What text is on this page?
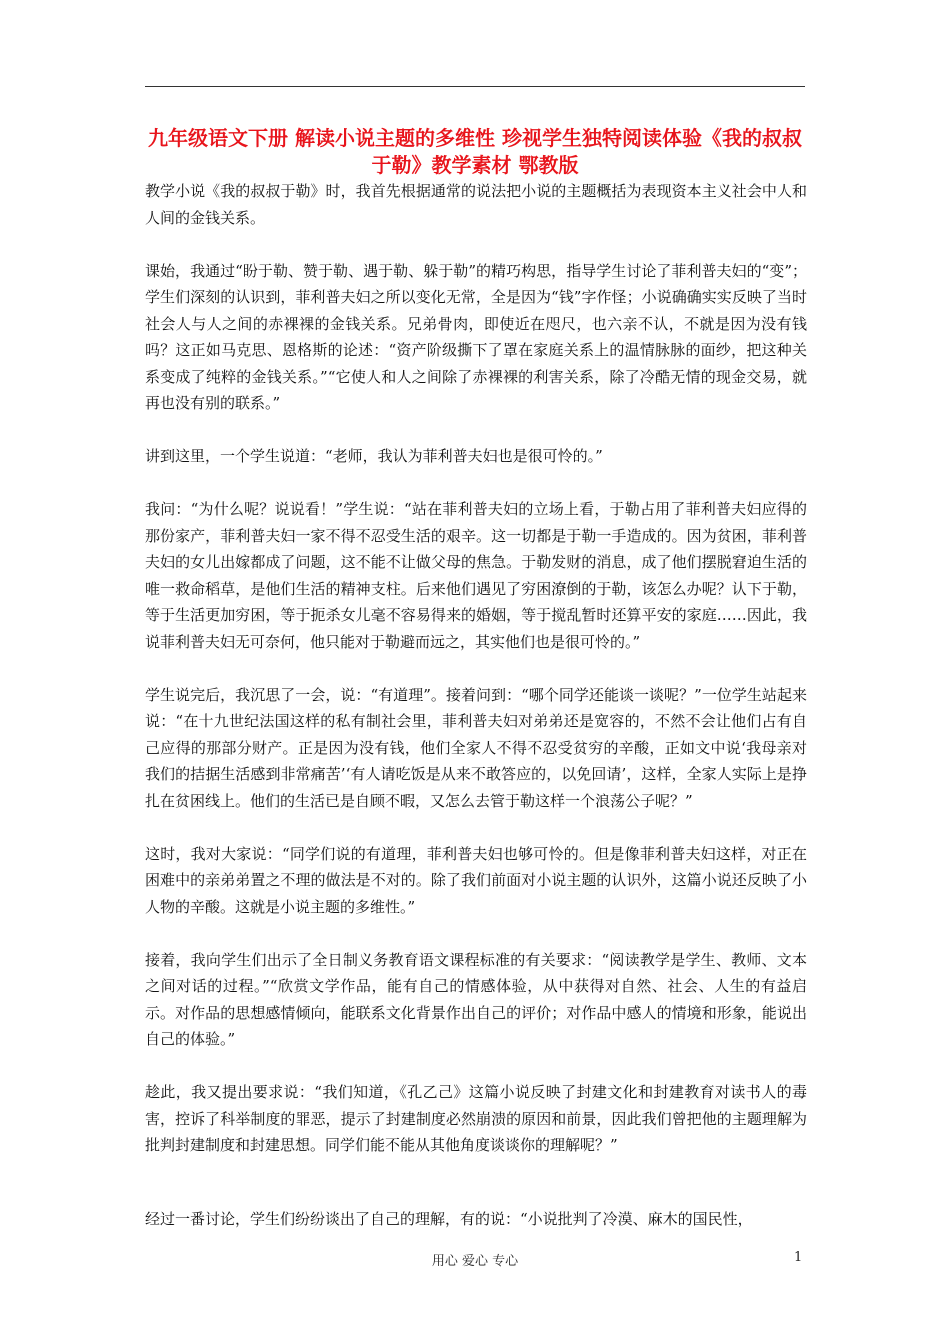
九年级语文下册 解读小说主题的多维性 珍视学生独特阅读体验《我的叔叔于勒》教学素材 鄂教版

教学小说《我的叔叔于勒》时，我首先根据通常的说法把小说的主题概括为表现资本主义社会中人和人间的金钱关系。

课始，我通过“盼于勒、赞于勒、遇于勒、躲于勒”的精巧构思，指导学生讨论了菲利普夫妇的“变”；学生们深刻的认识到，菲利普夫妇之所以变化无常，全是因为“钱”字作怪；小说确确实实反映了当时社会人与人之间的赤裸裸的金钱关系。兄弟骨肉，即使近在咫尺，也六亲不认，不就是因为没有钱吗？这正如马克思、恩格斯的论述：“资产阶级撕下了罩在家庭关系上的温情脉脉的面纱，把这种关系变成了纯粹的金钱关系。”“它使人和人之间除了赤裸裸的利害关系，除了冷酷无情的现金交易，就再也没有别的联系。”

讲到这里，一个学生说道：“老师，我认为菲利普夫妇也是很可怜的。”

我问：“为什么呢？说说看！”学生说：“站在菲利普夫妇的立场上看，于勒占用了菲利普夫妇应得的那份家产，菲利普夫妇一家不得不忍受生活的艰辛。这一切都是于勒一手造成的。因为贫困，菲利普夫妇的女儿出嫁都成了问题，这不能不让做父母的焦急。于勒发财的消息，成了他们摆脱窘迫生活的唯一救命稻草，是他们生活的精神支柱。后来他们遇见了穷困潦倒的于勒，该怎么办呢？认下于勒，等于生活更加穷困，等于扼杀女儿毫不容易得来的婚姻，等于搅乱暂时还算平安的家庭……因此，我说菲利普夫妇无可奈何，他只能对于勒避而远之，其实他们也是很可怜的。”

学生说完后，我沉思了一会，说：“有道理”。接着问到：“哪个同学还能谈一谈呢？”一位学生站起来说：“在十九世纪法国这样的私有制社会里，菲利普夫妇对弟弟还是宽容的，不然不会让他们占有自己应得的那部分财产。正是因为没有钱，他们全家人不得不忍受贫穷的辛酸，正如文中说‘我母亲对我们的拮据生活感到非常痛苦’‘有人请吃饭是从来不敢答应的，以免回请’，这样，全家人实际上是挣扎在贫困线上。他们的生活已是自顾不暇，又怎么去管于勒这样一个浪荡公子呢？”

这时，我对大家说：“同学们说的有道理，菲利普夫妇也够可怜的。但是像菲利普夫妇这样，对正在困难中的亲弟弟置之不理的做法是不对的。除了我们前面对小说主题的认识外，这篇小说还反映了小人物的辛酸。这就是小说主题的多维性。”

接着，我向学生们出示了全日制义务教育语文课程标准的有关要求：“阅读教学是学生、教师、文本之间对话的过程。”“欣赏文学作品，能有自己的情感体验，从中获得对自然、社会、人生的有益启示。对作品的思想感情倾向，能联系文化背景作出自己的评价；对作品中感人的情境和形象，能说出自己的体验。”

趁此，我又提出要求说：“我们知道，《孔乙己》这篇小说反映了封建文化和封建教育对读书人的毒害，控诉了科举制度的罪恶，提示了封建制度必然崩溃的原因和前景，因此我们曾把他的主题理解为批判封建制度和封建思想。同学们能不能从其他角度谈谈你的理解呢？”

经过一番讨论，学生们纷纷谈出了自己的理解，有的说：“小说批判了冷漠、麻木的国民性，

用心 爱心 专心	1
